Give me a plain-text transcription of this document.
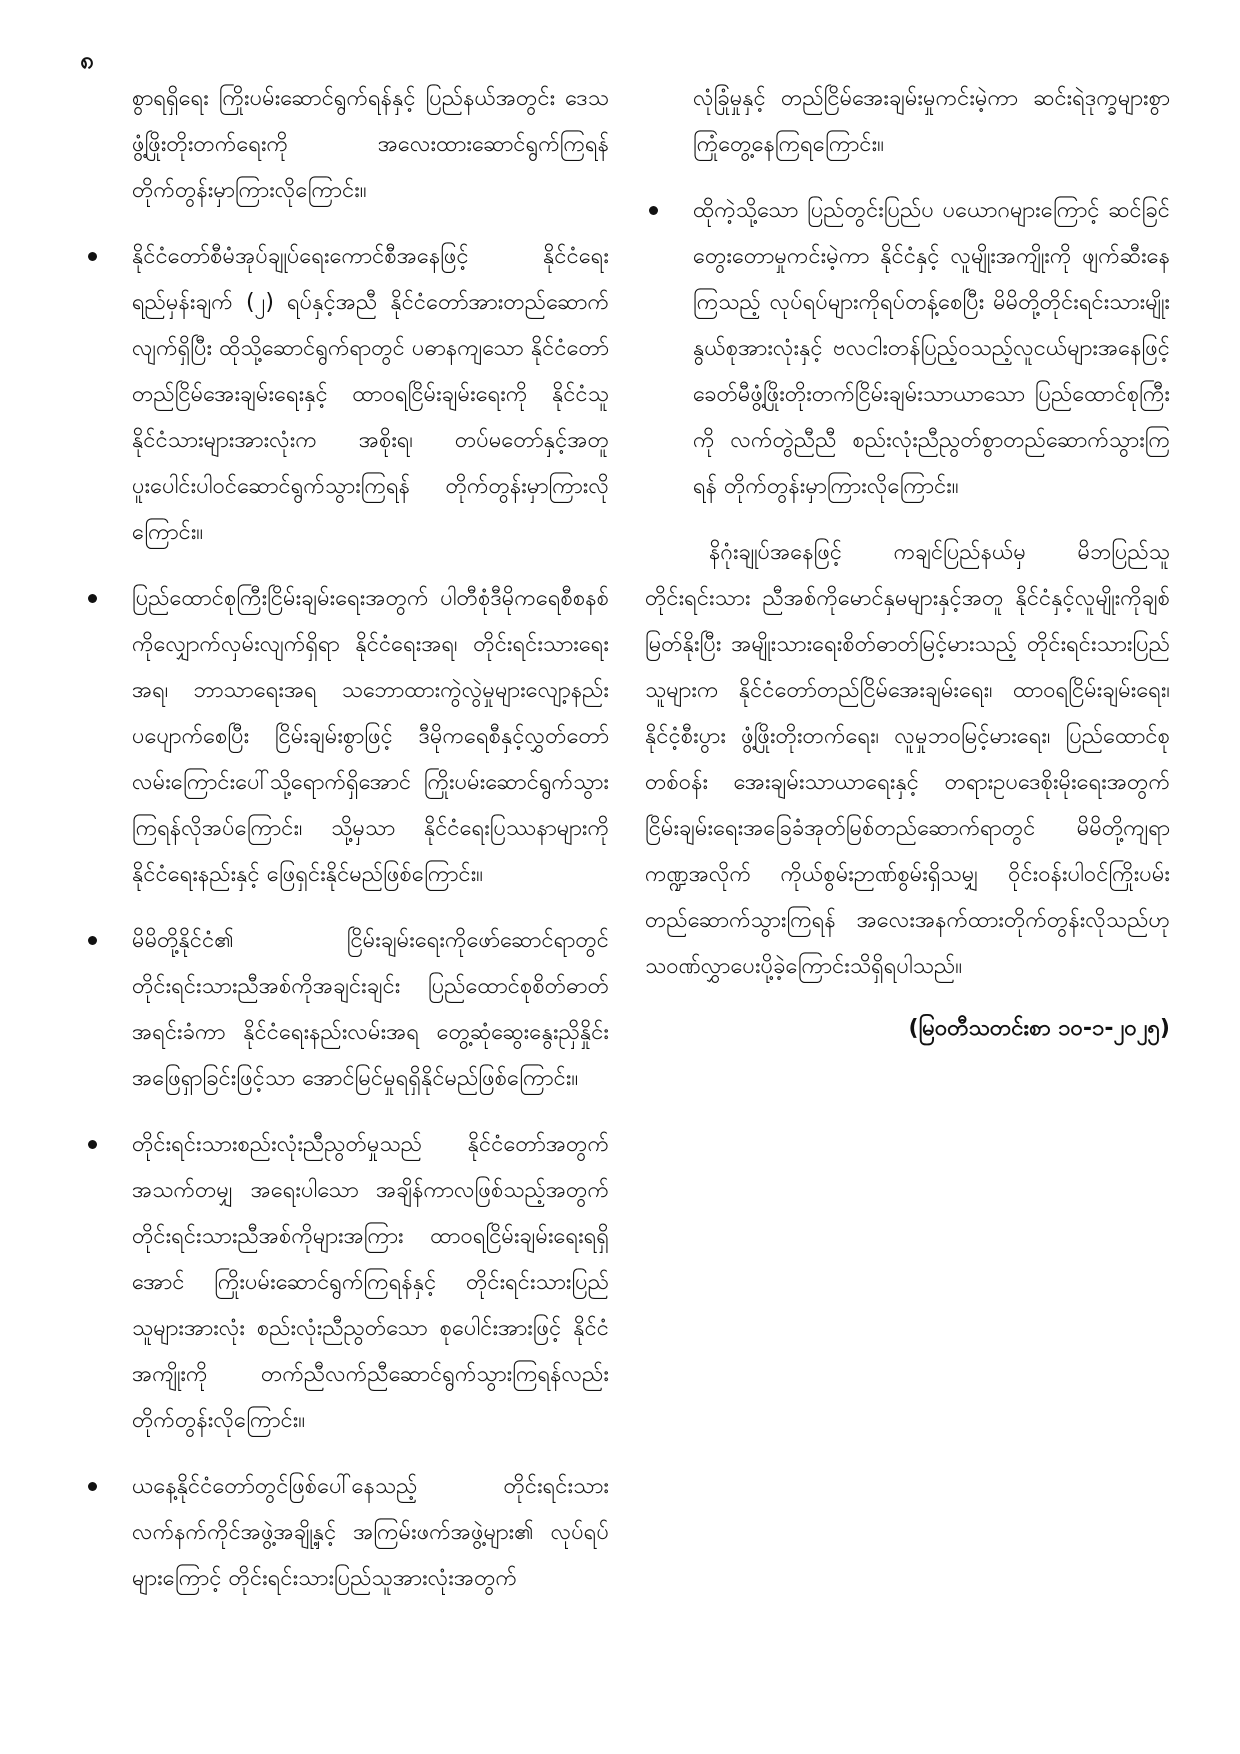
၈

စွာရရှိရေး ကြိုးပမ်းဆောင်ရွက်ရန်နှင့် ပြည်နယ်အတွင်း ဒေသဖွံ့ဖြိုးတိုးတက်ရေးကို အလေးထားဆောင်ရွက်ကြရန် တိုက်တွန်းမှာကြားလိုကြောင်း။

နိုင်ငံတော်စီမံအုပ်ချုပ်ရေးကောင်စီအနေဖြင့် နိုင်ငံရေးရည်မှန်းချက် (၂) ရပ်နှင့်အညီ နိုင်ငံတော်အားတည်ဆောက်လျက်ရှိပြီး ထိုသို့ဆောင်ရွက်ရာတွင် ပဓာနကျသော နိုင်ငံတော်တည်ငြိမ်အေးချမ်းရေးနှင့် ထာဝရငြိမ်းချမ်းရေးကို နိုင်ငံသူနိုင်ငံသားများအားလုံးက အစိုးရ၊ တပ်မတော်နှင့်အတူ ပူးပေါင်းပါဝင်ဆောင်ရွက်သွားကြရန် တိုက်တွန်းမှာကြားလိုကြောင်း။
ပြည်ထောင်စုကြီးငြိမ်းချမ်းရေးအတွက် ပါတီစုံဒီမိုကရေစီစနစ်ကိုလျှောက်လှမ်းလျက်ရှိရာ နိုင်ငံရေးအရ၊ တိုင်းရင်းသားရေးအရ၊ ဘာသာရေးအရ သဘောထားကွဲလွဲမှုများလျော့နည်းပပျောက်စေပြီး ငြိမ်းချမ်းစွာဖြင့် ဒီမိုကရေစီနှင့်လွှတ်တော်လမ်းကြောင်းပေါ်သို့ရောက်ရှိအောင် ကြိုးပမ်းဆောင်ရွက်သွားကြရန်လိုအပ်ကြောင်း၊ သို့မှသာ နိုင်ငံရေးပြဿနာများကို နိုင်ငံရေးနည်းနှင့် ဖြေရှင်းနိုင်မည်ဖြစ်ကြောင်း။
မိမိတို့နိုင်ငံ၏ ငြိမ်းချမ်းရေးကိုဖော်ဆောင်ရာတွင် တိုင်းရင်းသားညီအစ်ကိုအချင်းချင်း ပြည်ထောင်စုစိတ်ဓာတ်အရင်းခံကာ နိုင်ငံရေးနည်းလမ်းအရ တွေ့ဆုံဆွေးနွေးညှိနှိုင်းအဖြေရှာခြင်းဖြင့်သာ အောင်မြင်မှုရရှိနိုင်မည်ဖြစ်ကြောင်း။
တိုင်းရင်းသားစည်းလုံးညီညွတ်မှုသည် နိုင်ငံတော်အတွက် အသက်တမျှ အရေးပါသော အချိန်ကာလဖြစ်သည့်အတွက် တိုင်းရင်းသားညီအစ်ကိုများအကြား ထာဝရငြိမ်းချမ်းရေးရရှိအောင် ကြိုးပမ်းဆောင်ရွက်ကြရန်နှင့် တိုင်းရင်းသားပြည်သူများအားလုံး စည်းလုံးညီညွတ်သော စုပေါင်းအားဖြင့် နိုင်ငံအကျိုးကို တက်ညီလက်ညီဆောင်ရွက်သွားကြရန်လည်း တိုက်တွန်းလိုကြောင်း။
ယနေ့နိုင်ငံတော်တွင်ဖြစ်ပေါ်နေသည့် တိုင်းရင်းသား လက်နက်ကိုင်အဖွဲ့အချို့နှင့် အကြမ်းဖက်အဖွဲ့များ၏ လုပ်ရပ်များကြောင့် တိုင်းရင်းသားပြည်သူအားလုံးအတွက်

လုံခြုံမှုနှင့် တည်ငြိမ်အေးချမ်းမှုကင်းမဲ့ကာ ဆင်းရဲဒုက္ခများစွာ ကြုံတွေ့နေကြရကြောင်း။

ထိုကဲ့သို့သော ပြည်တွင်းပြည်ပ ပယောဂများကြောင့် ဆင်ခြင်တွေးတောမှုကင်းမဲ့ကာ နိုင်ငံနှင့် လူမျိုးအကျိုးကို ဖျက်ဆီးနေကြသည့် လုပ်ရပ်များကိုရပ်တန့်စေပြီး မိမိတို့တိုင်းရင်းသားမျိုးနွယ်စုအားလုံးနှင့် ဗလငါးတန်ပြည့်ဝသည့်လူငယ်များအနေဖြင့် ခေတ်မီဖွံ့ဖြိုးတိုးတက်ငြိမ်းချမ်းသာယာသော ပြည်ထောင်စုကြီးကို လက်တွဲညီညီ စည်းလုံးညီညွတ်စွာတည်ဆောက်သွားကြရန် တိုက်တွန်းမှာကြားလိုကြောင်း။

နိဂုံးချုပ်အနေဖြင့် ကချင်ပြည်နယ်မှ မိဘပြည်သူ တိုင်းရင်းသား ညီအစ်ကိုမောင်နှမများနှင့်အတူ နိုင်ငံနှင့်လူမျိုးကိုချစ်မြတ်နိုးပြီး အမျိုးသားရေးစိတ်ဓာတ်မြင့်မားသည့် တိုင်းရင်းသားပြည်သူများက နိုင်ငံတော်တည်ငြိမ်အေးချမ်းရေး၊ ထာဝရငြိမ်းချမ်းရေး၊ နိုင်ငံ့စီးပွား ဖွံ့ဖြိုးတိုးတက်ရေး၊ လူမှုဘဝမြင့်မားရေး၊ ပြည်ထောင်စုတစ်ဝန်း အေးချမ်းသာယာရေးနှင့် တရားဥပဒေစိုးမိုးရေးအတွက် ငြိမ်းချမ်းရေးအခြေခံအုတ်မြစ်တည်ဆောက်ရာတွင် မိမိတို့ကျရာကဏ္ဍအလိုက် ကိုယ်စွမ်းဉာဏ်စွမ်းရှိသမျှ ဝိုင်းဝန်းပါဝင်ကြိုးပမ်းတည်ဆောက်သွားကြရန် အလေးအနက်ထားတိုက်တွန်းလိုသည်ဟု သဝဏ်လွှာပေးပို့ခဲ့ကြောင်းသိရှိရပါသည်။

(မြဝတီသတင်းစာ ၁၀-၁-၂၀၂၅)
